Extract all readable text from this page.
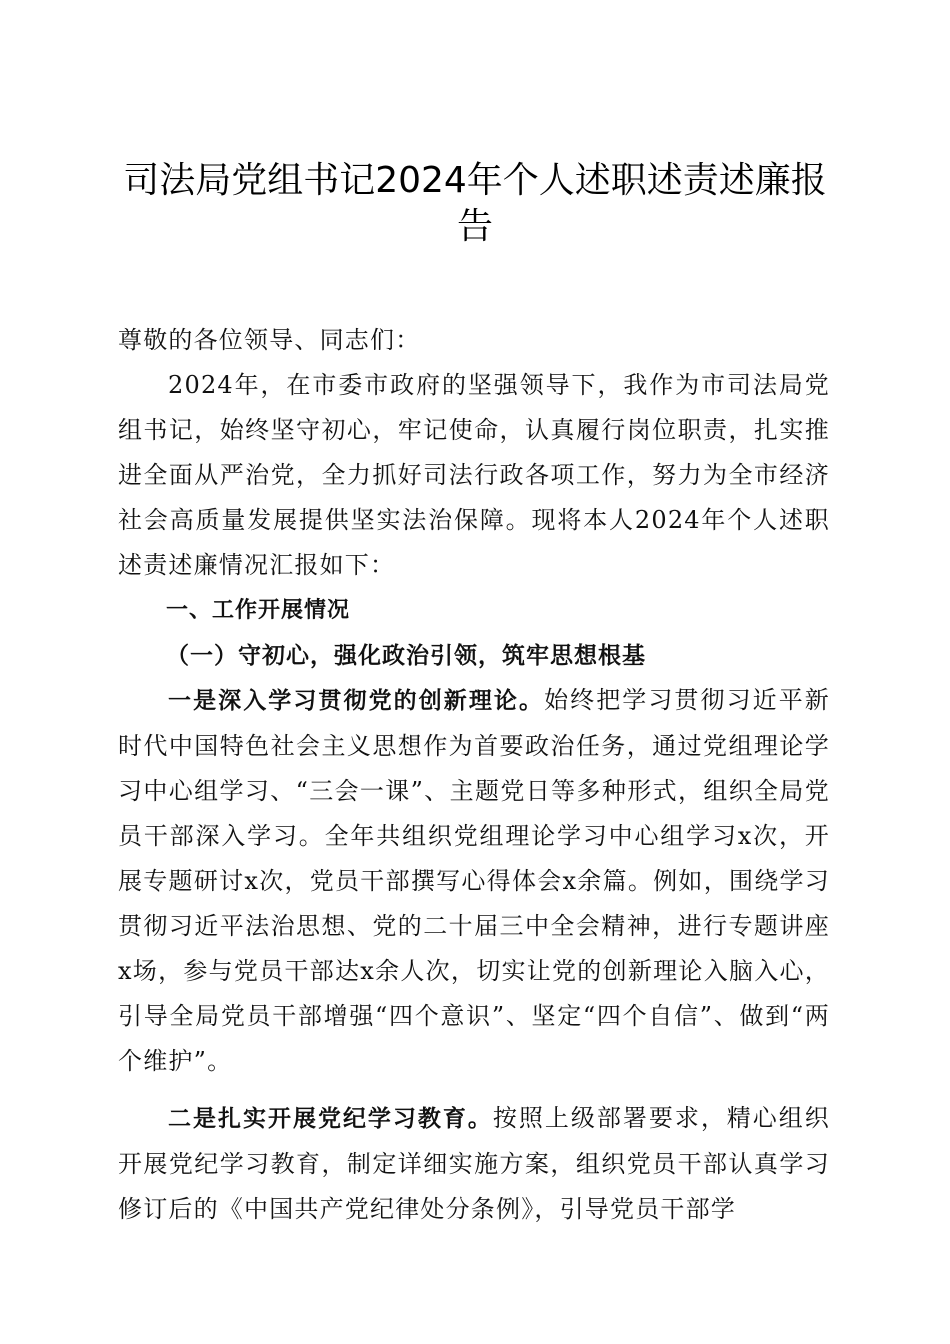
司法局党组书记2024年个人述职述责述廉报告

尊敬的各位领导、同志们：

2024年，在市委市政府的坚强领导下，我作为市司法局党组书记，始终坚守初心，牢记使命，认真履行岗位职责，扎实推进全面从严治党，全力抓好司法行政各项工作，努力为全市经济社会高质量发展提供坚实法治保障。现将本人2024年个人述职述责述廉情况汇报如下：

一、工作开展情况

（一）守初心，强化政治引领，筑牢思想根基

一是深入学习贯彻党的创新理论。始终把学习贯彻习近平新时代中国特色社会主义思想作为首要政治任务，通过党组理论学习中心组学习、“三会一课”、主题党日等多种形式，组织全局党员干部深入学习。全年共组织党组理论学习中心组学习x次，开展专题研讨x次，党员干部撰写心得体会x余篇。例如，围绕学习贯彻习近平法治思想、党的二十届三中全会精神，进行专题讲座x场，参与党员干部达x余人次，切实让党的创新理论入脑入心，引导全局党员干部增强“四个意识”、坚定“四个自信”、做到“两个维护”。

二是扎实开展党纪学习教育。按照上级部署要求，精心组织开展党纪学习教育，制定详细实施方案，组织党员干部认真学习修订后的《中国共产党纪律处分条例》，引导党员干部学
